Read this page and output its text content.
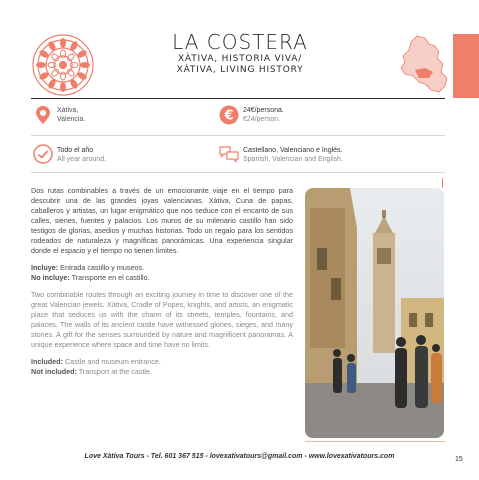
LA COSTERA
XÀTIVA, HISTORIA VIVA/
XÀTIVA, LIVING HISTORY
Xàtiva,
Valencia.	€ 24€/persona.
€24/person.
Todo el año
All year around.
Castellano, Valenciano e Inglés.
Spanish, Valencian and English.

Dos rutas combinables a través de un emocionante viaje en el tiempo para descubrir una de las grandes joyas valencianas. Xàtiva, Cuna de papas, caballeros y artistas, un lugar enigmático que nos seduce con el encanto de sus calles, sienes, fuentes y palacios. Los muros de su milenario castillo han sido testigos de glorias, asedios y muchas historias. Todo un regalo para los sentidos rodeados de naturaleza y magníficas panorámicas. Una experiencia singular donde el espacio y el tiempo no tienen límites.

Incluye: Entrada castillo y museos.

No incluye: Transporte en el castillo.

Two combinable routes through an exciting journey in time to discover one of the great Valencian jewels. Xàtiva, Cradle of Popes, knights, and artists, an enigmatic place that seduces us with the charm of its streets, temples, fountains, and palaces. The walls of its ancient castle have witnessed glories, sieges, and many stories. A gift for the senses surrounded by nature and magnificent panoramas. A unique experience where space and time have no limits.

Included: Castle and museum entrance.

Not included: Transport at the castle.

Love Xàtiva Tours - Tel. 601 367 515 - lovexativatours@gmail.com - www.lovexativatours.com	15
